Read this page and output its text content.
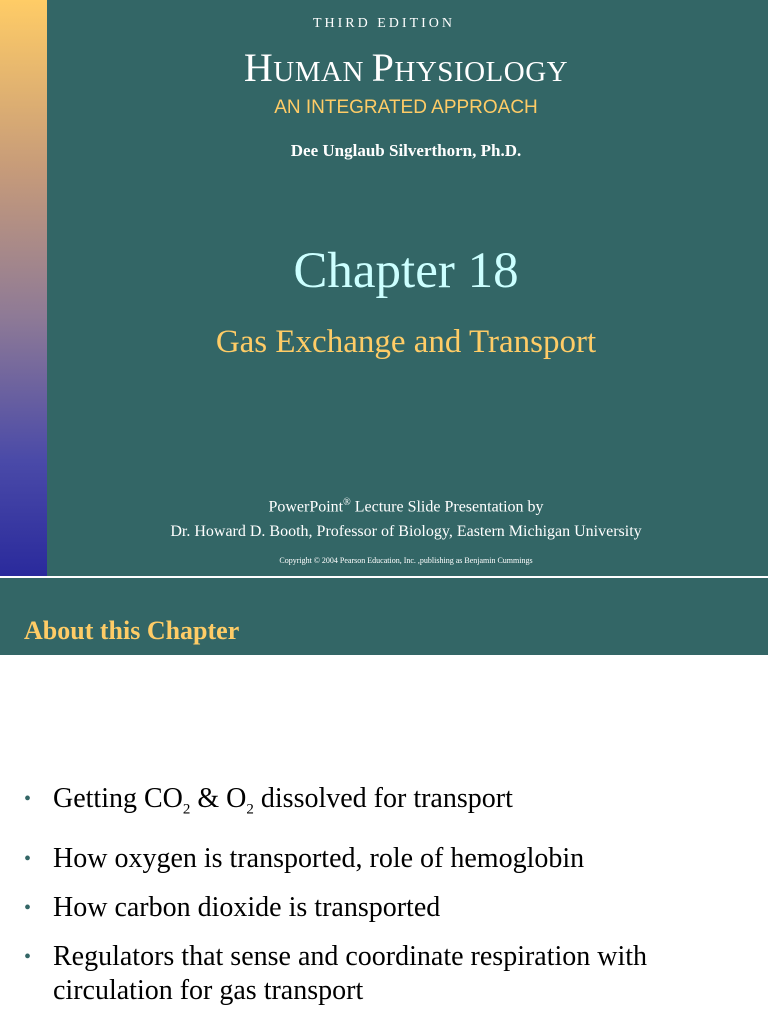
THIRD EDITION
HUMAN PHYSIOLOGY
AN INTEGRATED APPROACH
Dee Unglaub Silverthorn, Ph.D.
Chapter 18
Gas Exchange and Transport
PowerPoint® Lecture Slide Presentation by
Dr. Howard D. Booth, Professor of Biology, Eastern Michigan University
Copyright © 2004 Pearson Education, Inc. ,publishing as Benjamin Cummings
About this Chapter
• Getting $CO_2$ & $O_2$ dissolved for transport
• How oxygen is transported, role of hemoglobin
• How carbon dioxide is transported
• Regulators that sense and coordinate respiration with circulation for gas transport
